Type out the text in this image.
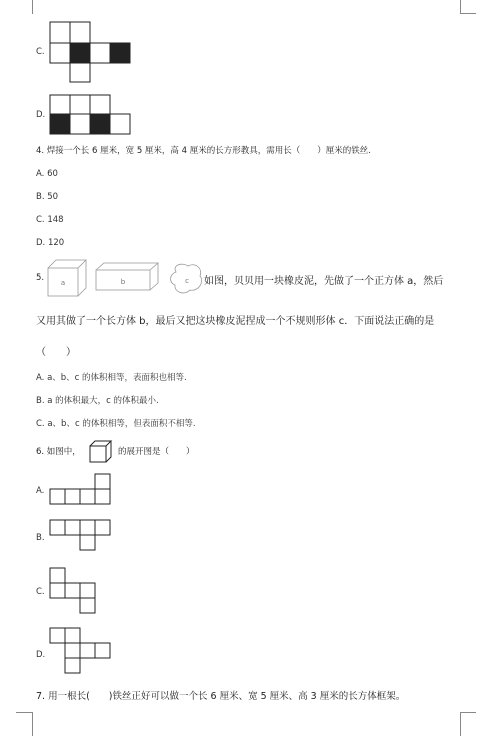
C.
D.
4. 焊接一个长 6 厘米，宽 5 厘米，高 4 厘米的长方形教具，需用长（　　）厘米的铁丝.
A. 60
B. 50
C. 148
D. 120
5. a	b	c 如图，贝贝用一块橡皮泥，先做了一个正方体 a，然后
又用其做了一个长方体 b，最后又把这块橡皮泥捏成一个不规则形体 c．下面说法正确的是
（　　）
A. a、b、c 的体积相等，表面积也相等.
B. a 的体积最大，c 的体积最小.
C. a、b、c 的体积相等，但表面积不相等.
6. 如图中，	的展开图是（　　）
A.
B.
C.
D.
7. 用一根长(　　)铁丝正好可以做一个长 6 厘米、宽 5 厘米、高 3 厘米的长方体框架。
